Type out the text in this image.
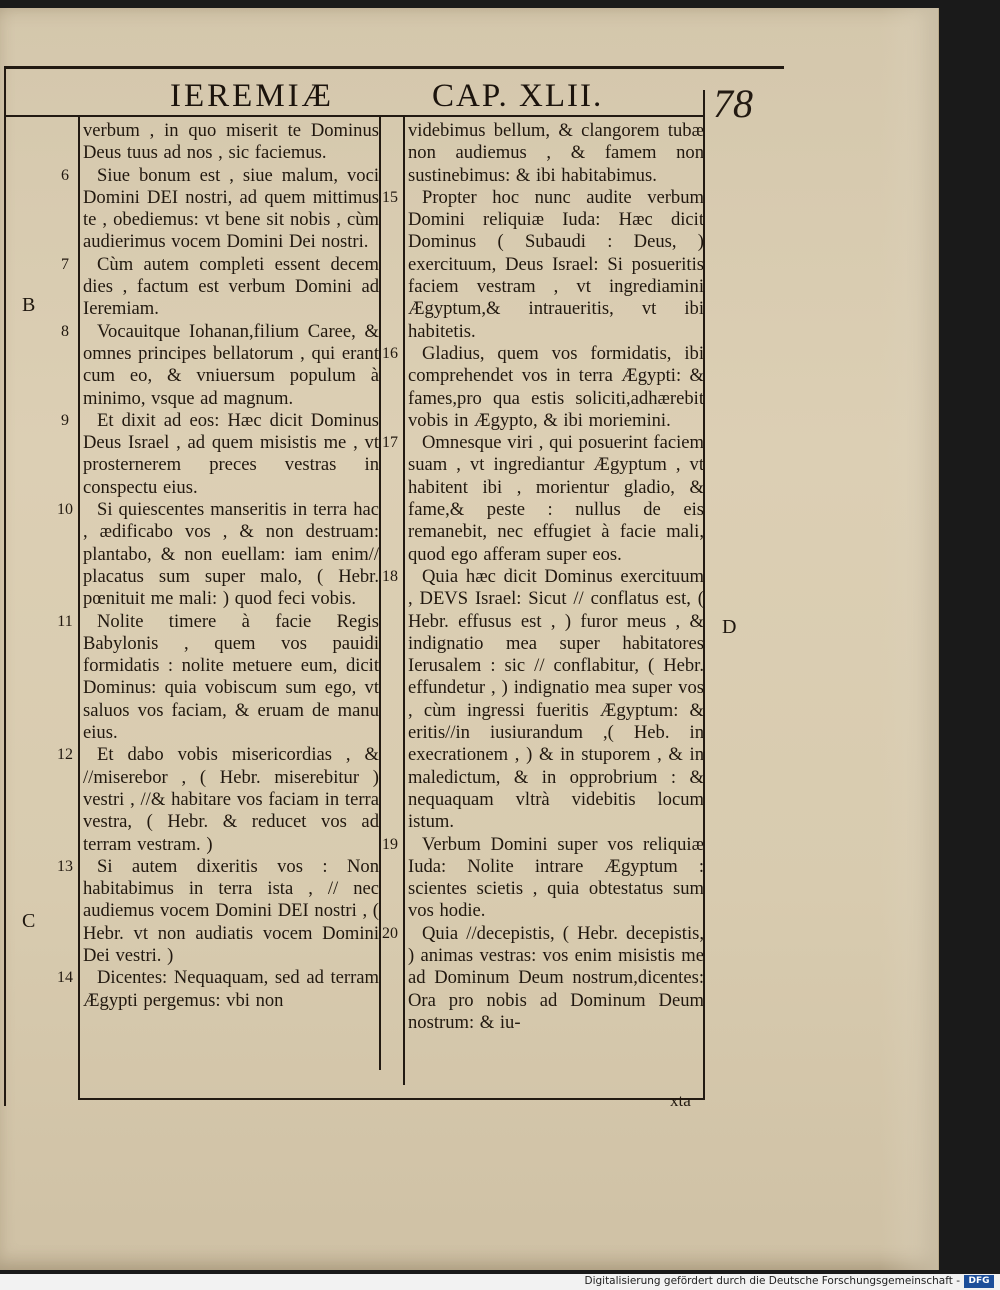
IEREMIÆ	CAP. XLII.	78
B
C
D

verbum , in quo miserit te Dominus Deus tuus ad nos , sic faciemus.

6	Siue bonum est , siue malum, voci Domini DEI nostri, ad quem mittimus te , obediemus: vt bene sit nobis , cùm audierimus vocem Domini Dei nostri.

7	Cùm autem completi essent decem dies , factum est verbum Domini ad Ieremiam.

8	Vocauitque Iohanan,filium Caree, & omnes principes bellatorum , qui erant cum eo, & vniuersum populum à minimo, vsque ad magnum.

9	Et dixit ad eos: Hæc dicit Dominus Deus Israel , ad quem misistis me , vt prosternerem preces vestras in conspectu eius.

10 Si quiescentes manseritis in terra hac , ædificabo vos , & non destruam: plantabo, & non euellam: iam enim// placatus sum super malo, ( Hebr. pœnituit me mali: ) quod feci vobis.

11 Nolite timere à facie Regis Babylonis , quem vos pauidi formidatis : nolite metuere eum, dicit Dominus: quia vobiscum sum ego, vt saluos vos faciam, & eruam de manu eius.

12 Et dabo vobis misericordias , & //miserebor , ( Hebr. miserebitur ) vestri , //& habitare vos faciam in terra vestra, ( Hebr. & reducet vos ad terram vestram. )

13 Si autem dixeritis vos : Non habitabimus in terra ista , // nec audiemus vocem Domini DEI nostri , ( Hebr. vt non audiatis vocem Domini Dei vestri. )

14 Dicentes: Nequaquam, sed ad terram Ægypti pergemus: vbi non

videbimus bellum, & clangorem tubæ non audiemus , & famem non sustinebimus: & ibi habitabimus.

15 Propter hoc nunc audite verbum Domini reliquiæ Iuda: Hæc dicit Dominus ( Subaudi : Deus, ) exercituum, Deus Israel: Si posueritis faciem vestram , vt ingrediamini Ægyptum,& intraueritis, vt ibi habitetis.

16 Gladius, quem vos formidatis, ibi comprehendet vos in terra Ægypti: & fames,pro qua estis soliciti,adhærebit vobis in Ægypto, & ibi moriemini.

17 Omnesque viri , qui posuerint faciem suam , vt ingrediantur Ægyptum , vt habitent ibi , morientur gladio, & fame,& peste : nullus de eis remanebit, nec effugiet à facie mali, quod ego afferam super eos.

18 Quia hæc dicit Dominus exercituum , DEVS Israel: Sicut // conflatus est, ( Hebr. effusus est , ) furor meus , & indignatio mea super habitatores Ierusalem : sic // conflabitur, ( Hebr. effundetur , ) indignatio mea super vos , cùm ingressi fueritis Ægyptum: & eritis//in iusiurandum ,( Heb. in execrationem , ) & in stuporem , & in maledictum, & in opprobrium : & nequaquam vltrà videbitis locum istum.

19 Verbum Domini super vos reliquiæ Iuda: Nolite intrare Ægyptum : scientes scietis , quia obtestatus sum vos hodie.

20 Quia //decepistis, ( Hebr. decepistis, ) animas vestras: vos enim misistis me ad Dominum Deum nostrum,dicentes: Ora pro nobis ad Dominum Deum nostrum: & iu-

xta
Digitalisierung gefördert durch die Deutsche Forschungsgemeinschaft - DFG
